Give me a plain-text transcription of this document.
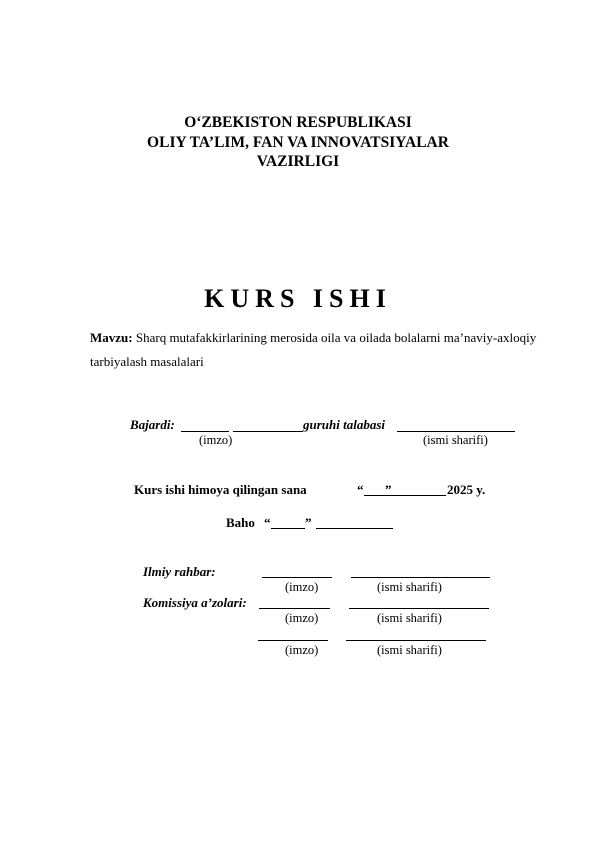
O‘ZBEKISTON RESPUBLIKASI
OLIY TA’LIM, FAN VA INNOVATSIYALAR
VAZIRLIGI
KURS ISHI
Mavzu: Sharq mutafakkirlarining merosida oila va oilada bolalarni ma’naviy-axloqiy tarbiyalash masalalari
Bajardi:	guruhi talabasi
(imzo)	(ismi sharifi)
Kurs ishi himoya qilingan sana	“ ”	2025 y.
Baho “	”
Ilmiy rahbar:
(imzo)	(ismi sharifi)
Komissiya a’zolari:
(imzo)	(ismi sharifi)
(imzo)	(ismi sharifi)
